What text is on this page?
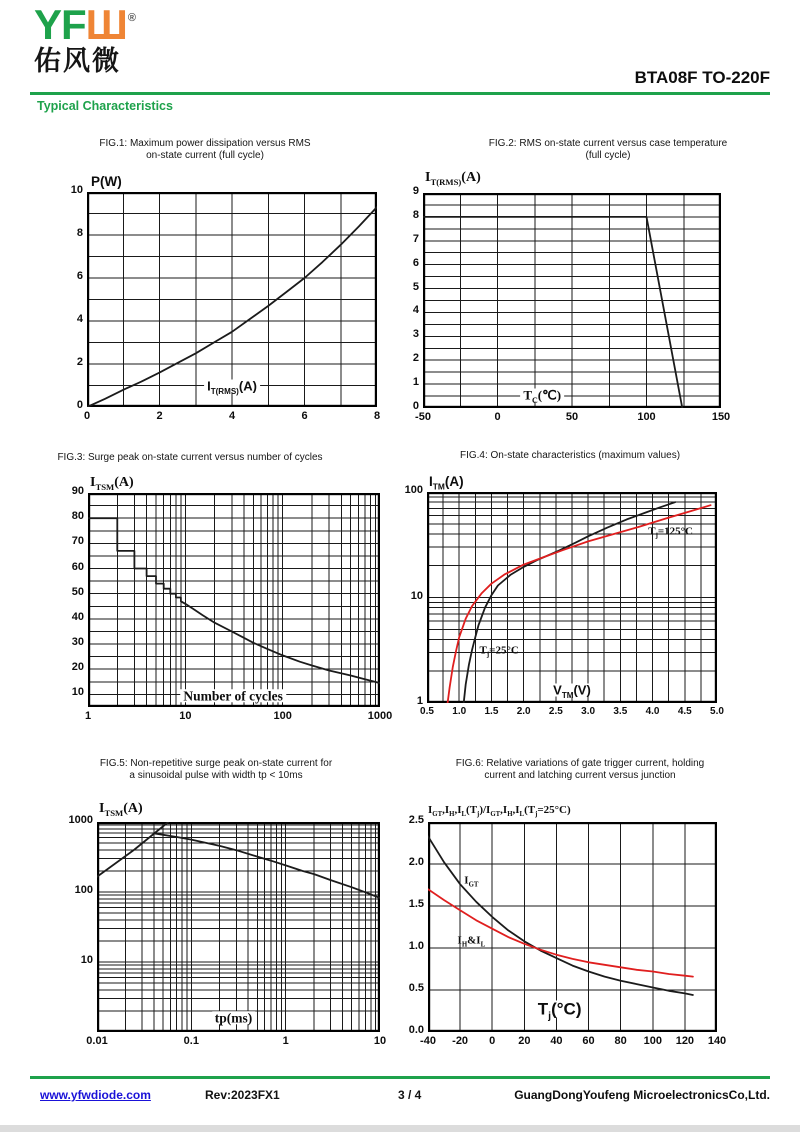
YFШ®
佑风微
BTA08F TO-220F
Typical Characteristics
FIG.1: Maximum power dissipation versus RMS
on-state current (full cycle)
P(W)
0	2	4	6	8
0
2
4
6
8
10
$I_{T(RMS)}(A)$
FIG.2: RMS on-state current versus case temperature
(full cycle)
$I_{T(RMS)}(A)$
-50	0	50	100	150
0
1
2
3
4
5
6
7
8
9
$T_C(℃)$
FIG.3: Surge peak on-state current versus number of cycles
$I_{TSM}(A)$
1	10	100	1000
10
20
30
40
50
60
70
80
90
Number of cycles
FIG.4: On-state characteristics (maximum values)
$I_{TM}(A)$
0.5 1.0 1.5 2.0 2.5 3.0 3.5 4.0 4.5 5.0
1
10
100
$V_{TM}(V)$
$T_j=125^\circ C$
$T_j=25^\circ C$
FIG.5: Non-repetitive surge peak on-state current for
a sinusoidal pulse with width tp < 10ms
$I_{TSM}(A)$
0.01	0.1	1	10
10
100
1000
tp(ms)
FIG.6: Relative variations of gate trigger current, holding
current and latching current versus junction
$I_{GT},I_H,I_L(T_j)/I_{GT},I_H,I_L(T_j=25^\circ C)$
-40 -20 0 20 40 60 80 100 120 140
0.0
0.5
1.0
1.5
2.0
2.5
$T_j(^\circ C)$
$I_{GT}$
$I_H\&I_L$
www.yfwdiode.com	Rev:2023FX1	3 / 4	GuangDongYoufeng MicroelectronicsCo,Ltd.
